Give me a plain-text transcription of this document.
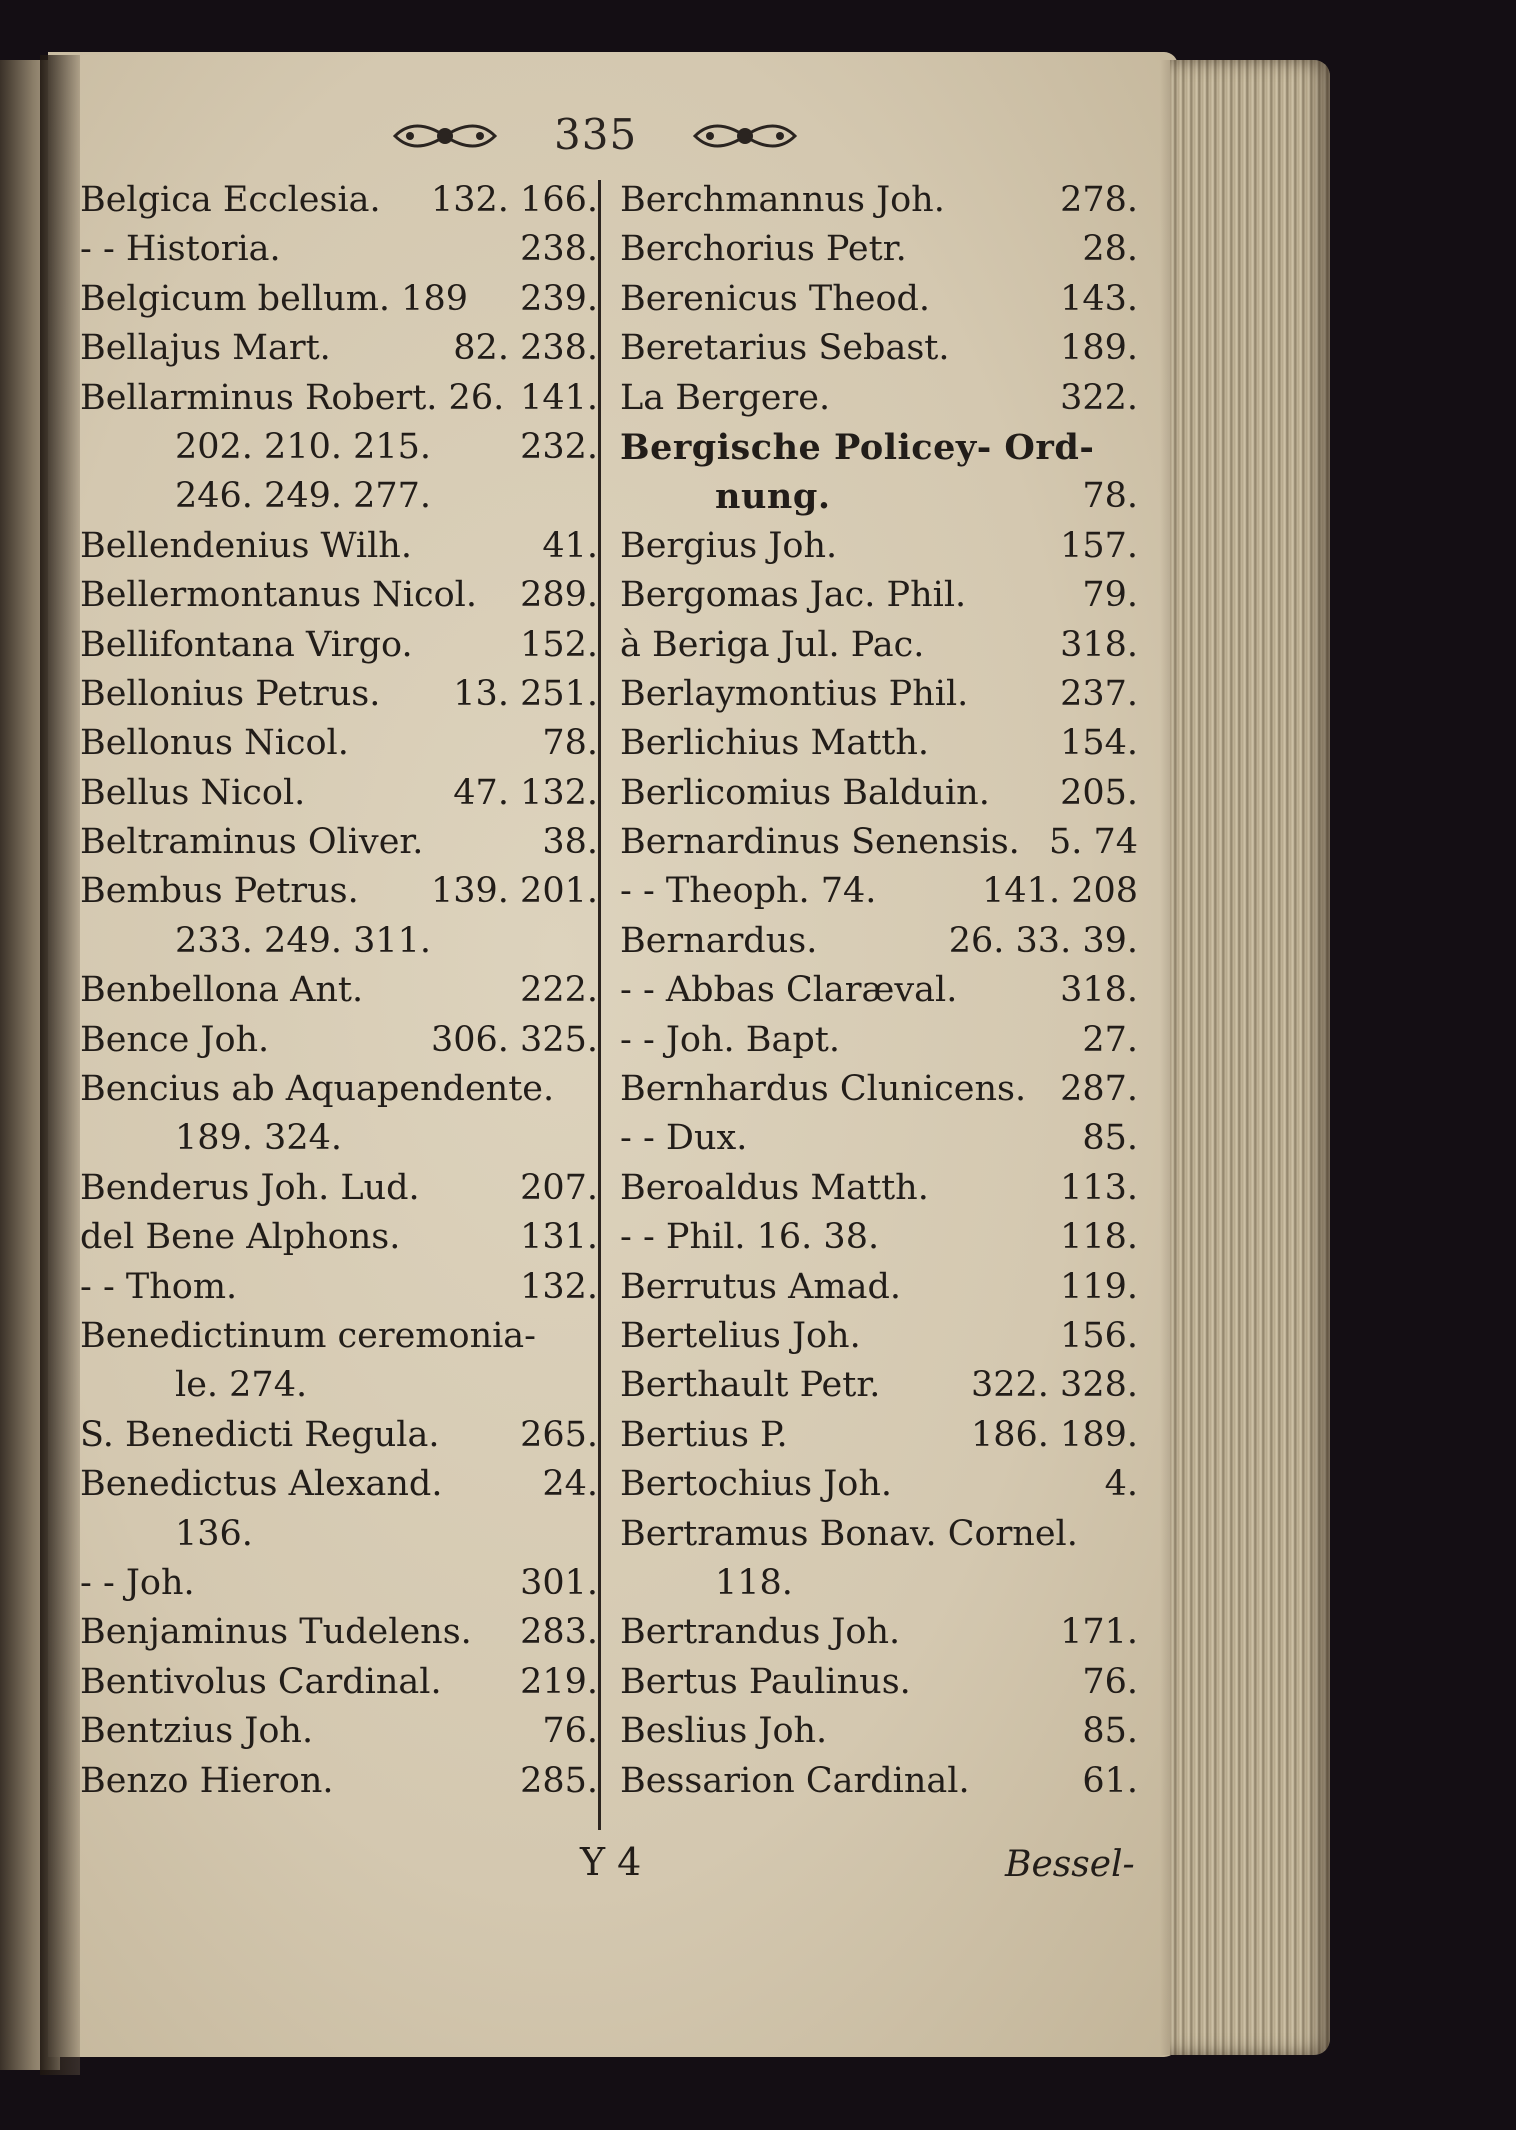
335
Belgica Ecclesia. 132. 166.
- - Historia.	238.
Belgicum bellum. 189 239.
Bellajus Mart.	82. 238.
Bellarminus Robert. 26. 141.
202. 210. 215.	232.
246. 249. 277.
Bellendenius Wilh.	41.
Bellermontanus Nicol. 289.
Bellifontana Virgo.	152.
Bellonius Petrus. 13. 251.
Bellonus Nicol.	78.
Bellus Nicol.	47. 132.
Beltraminus Oliver.	38.
Bembus Petrus. 139. 201.
233. 249. 311.
Benbellona Ant.	222.
Bence Joh.	306. 325.
Bencius ab Aquapendente.
189. 324.
Benderus Joh. Lud.	207.
del Bene Alphons.	131.
- - Thom.	132.
Benedictinum ceremonia-
le. 274.
S. Benedicti Regula. 265.
Benedictus Alexand.	24.
136.
- - Joh.	301.
Benjaminus Tudelens. 283.
Bentivolus Cardinal. 219.
Bentzius Joh.	76.
Benzo Hieron.	285.
Berchmannus Joh.	278.
Berchorius Petr.	28.
Berenicus Theod.	143.
Beretarius Sebast.	189.
La Bergere.	322.
Bergische Policey- Ord-
nung.	78.
Bergius Joh.	157.
Bergomas Jac. Phil.	79.
à Beriga Jul. Pac.	318.
Berlaymontius Phil.	237.
Berlichius Matth.	154.
Berlicomius Balduin. 205.
Bernardinus Senensis. 5. 74
- - Theoph. 74.	141. 208
Bernardus.	26. 33. 39.
- - Abbas Claræval.	318.
- - Joh. Bapt.	27.
Bernhardus Clunicens. 287.
- - Dux.	85.
Beroaldus Matth.	113.
- - Phil. 16. 38.	118.
Berrutus Amad.	119.
Bertelius Joh.	156.
Berthault Petr.	322. 328.
Bertius P.	186. 189.
Bertochius Joh.	4.
Bertramus Bonav. Cornel.
118.
Bertrandus Joh.	171.
Bertus Paulinus.	76.
Beslius Joh.	85.
Bessarion Cardinal.	61.
Y 4	Bessel-
